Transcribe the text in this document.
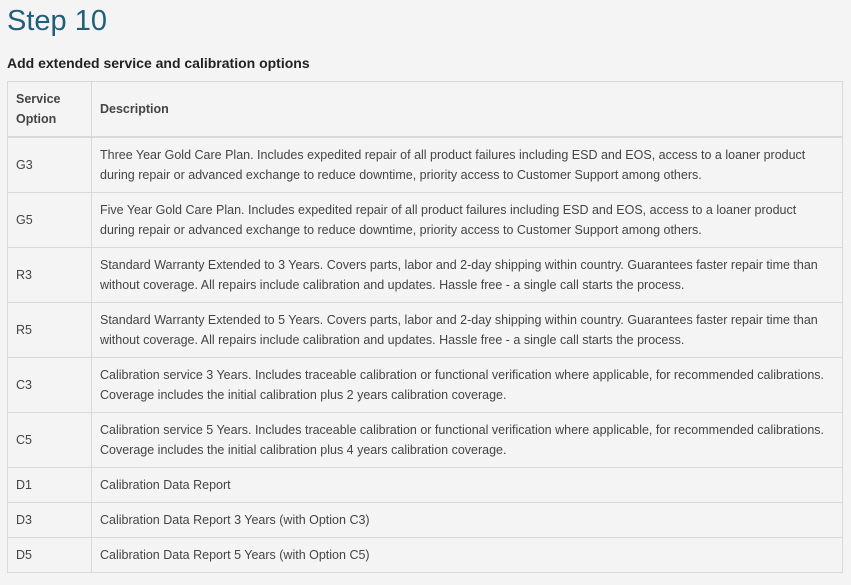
Step 10
Add extended service and calibration options
Service Option	Description
G3	Three Year Gold Care Plan. Includes expedited repair of all product failures including ESD and EOS, access to a loaner product during repair or advanced exchange to reduce downtime, priority access to Customer Support among others.
G5	Five Year Gold Care Plan. Includes expedited repair of all product failures including ESD and EOS, access to a loaner product during repair or advanced exchange to reduce downtime, priority access to Customer Support among others.
R3	Standard Warranty Extended to 3 Years. Covers parts, labor and 2-day shipping within country. Guarantees faster repair time than without coverage. All repairs include calibration and updates. Hassle free - a single call starts the process.
R5	Standard Warranty Extended to 5 Years. Covers parts, labor and 2-day shipping within country. Guarantees faster repair time than without coverage. All repairs include calibration and updates. Hassle free - a single call starts the process.
C3	Calibration service 3 Years. Includes traceable calibration or functional verification where applicable, for recommended calibrations. Coverage includes the initial calibration plus 2 years calibration coverage.
C5	Calibration service 5 Years. Includes traceable calibration or functional verification where applicable, for recommended calibrations. Coverage includes the initial calibration plus 4 years calibration coverage.
D1	Calibration Data Report
D3	Calibration Data Report 3 Years (with Option C3)
D5	Calibration Data Report 5 Years (with Option C5)
